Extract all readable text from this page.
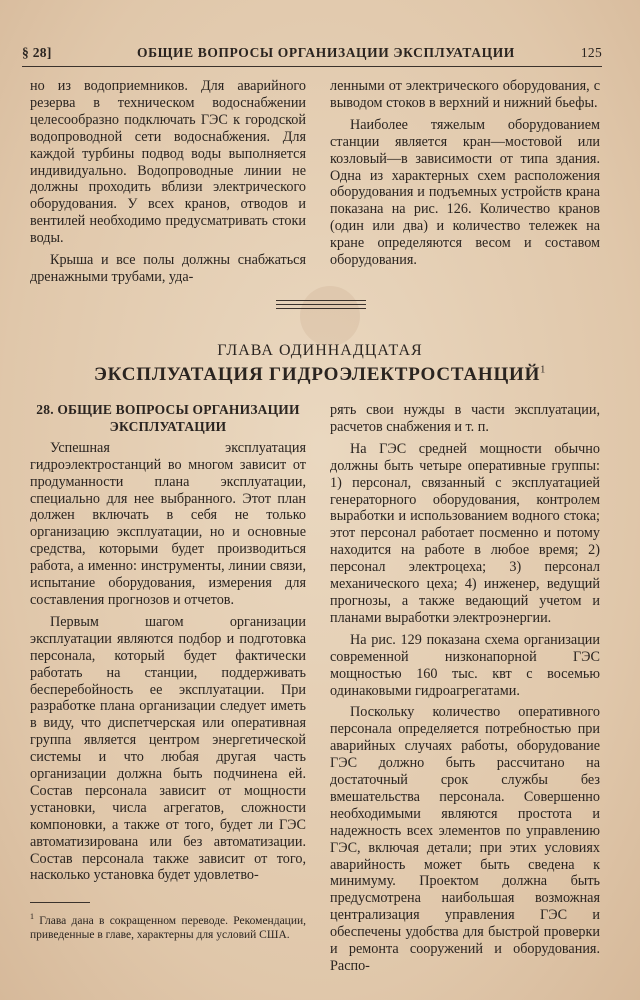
§ 28]	ОБЩИЕ ВОПРОСЫ ОРГАНИЗАЦИИ ЭКСПЛУАТАЦИИ	125

но из водоприемников. Для аварийного резерва в техническом водоснабжении целесообразно подключать ГЭС к городской водопроводной сети водоснабжения. Для каждой турбины подвод воды выполняется индивидуально. Водопроводные линии не должны проходить вблизи электрического оборудования. У всех кранов, отводов и вентилей необходимо предусматривать стоки воды.

Крыша и все полы должны снабжаться дренажными трубами, уда-

ленными от электрического оборудования, с выводом стоков в верхний и нижний бьефы.

Наиболее тяжелым оборудованием станции является кран—мостовой или козловый—в зависимости от типа здания. Одна из характерных схем расположения оборудования и подъемных устройств крана показана на рис. 126. Количество кранов (один или два) и количество тележек на кране определяются весом и составом оборудования.

ГЛАВА ОДИННАДЦАТАЯ
ЭКСПЛУАТАЦИЯ ГИДРОЭЛЕКТРОСТАНЦИЙ$^1$
28. ОБЩИЕ ВОПРОСЫ ОРГАНИЗАЦИИ ЭКСПЛУАТАЦИИ

Успешная эксплуатация гидроэлектростанций во многом зависит от продуманности плана эксплуатации, специально для нее выбранного. Этот план должен включать в себя не только организацию эксплуатации, но и основные средства, которыми будет производиться работа, а именно: инструменты, линии связи, испытание оборудования, измерения для составления прогнозов и отчетов.

Первым шагом организации эксплуатации являются подбор и подготовка персонала, который будет фактически работать на станции, поддерживать бесперебойность ее эксплуатации. При разработке плана организации следует иметь в виду, что диспетчерская или оперативная группа является центром энергетической системы и что любая другая часть организации должна быть подчинена ей. Состав персонала зависит от мощности установки, числа агрегатов, сложности компоновки, а также от того, будет ли ГЭС автоматизирована или без автоматизации. Состав персонала также зависит от того, насколько установка будет удовлетво-

рять свои нужды в части эксплуатации, расчетов снабжения и т. п.

На ГЭС средней мощности обычно должны быть четыре оперативные группы: 1) персонал, связанный с эксплуатацией генераторного оборудования, контролем выработки и использованием водного стока; этот персонал работает посменно и потому находится на работе в любое время; 2) персонал электроцеха; 3) персонал механического цеха; 4) инженер, ведущий прогнозы, а также ведающий учетом и планами выработки электроэнергии.

На рис. 129 показана схема организации современной низконапорной ГЭС мощностью 160 тыс. квт с восемью одинаковыми гидроагрегатами.

Поскольку количество оперативного персонала определяется потребностью при аварийных случаях работы, оборудование ГЭС должно быть рассчитано на достаточный срок службы без вмешательства персонала. Совершенно необходимыми являются простота и надежность всех элементов по управлению ГЭС, включая детали; при этих условиях аварийность может быть сведена к минимуму. Проектом должна быть предусмотрена наибольшая возможная централизация управления ГЭС и обеспечены удобства для быстрой проверки и ремонта сооружений и оборудования. Распо-

$^1$ Глава дана в сокращенном переводе. Рекомендации, приведенные в главе, характерны для условий США.
